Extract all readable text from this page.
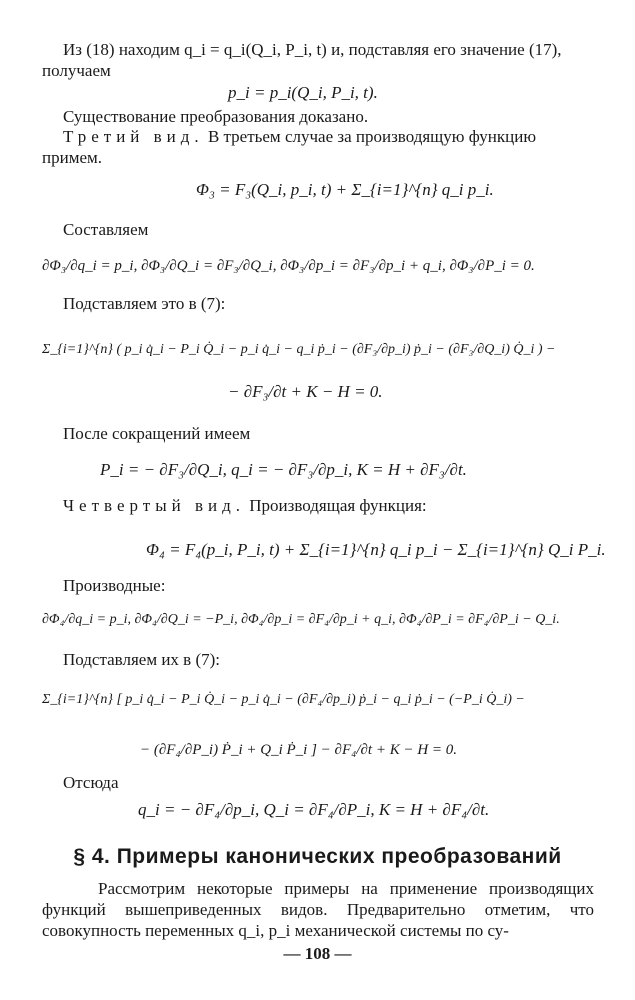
Из (18) находим q_i = q_i(Q_i, P_i, t) и, подставляя его значение (17),
получаем
p_i = p_i(Q_i, P_i, t).
Существование преобразования доказано.
Третий вид. В третьем случае за производящую функцию
примем.
Φ₃ = F₃(Q_i, p_i, t) + Σ_{i=1}^{n} q_i p_i.
Составляем
∂Φ₃/∂q_i = p_i, ∂Φ₃/∂Q_i = ∂F₃/∂Q_i, ∂Φ₃/∂p_i = ∂F₃/∂p_i + q_i, ∂Φ₃/∂P_i = 0.
Подставляем это в (7):
Σ_{i=1}^{n} ( p_i q̇_i − P_i Q̇_i − p_i q̇_i − q_i ṗ_i − (∂F₃/∂p_i) ṗ_i − (∂F₃/∂Q_i) Q̇_i ) −
− ∂F₃/∂t + K − H = 0.
После сокращений имеем
P_i = − ∂F₃/∂Q_i, q_i = − ∂F₃/∂p_i, K = H + ∂F₃/∂t.
Четвертый вид. Производящая функция:
Φ₄ = F₄(p_i, P_i, t) + Σ_{i=1}^{n} q_i p_i − Σ_{i=1}^{n} Q_i P_i.
Производные:
∂Φ₄/∂q_i = p_i, ∂Φ₄/∂Q_i = −P_i, ∂Φ₄/∂p_i = ∂F₄/∂p_i + q_i, ∂Φ₄/∂P_i = ∂F₄/∂P_i − Q_i.
Подставляем их в (7):
Σ_{i=1}^{n} [ p_i q̇_i − P_i Q̇_i − p_i q̇_i − (∂F₄/∂p_i) ṗ_i − q_i ṗ_i − (−P_i Q̇_i) −
− (∂F₄/∂P_i) Ṗ_i + Q_i Ṗ_i ] − ∂F₄/∂t + K − H = 0.
Отсюда
q_i = − ∂F₄/∂p_i, Q_i = ∂F₄/∂P_i, K = H + ∂F₄/∂t.
§ 4. Примеры канонических преобразований
Рассмотрим некоторые примеры на применение производящих функций вышеприведенных видов. Предварительно отметим, что совокупность переменных q_i, p_i механической системы по су-
— 108 —
